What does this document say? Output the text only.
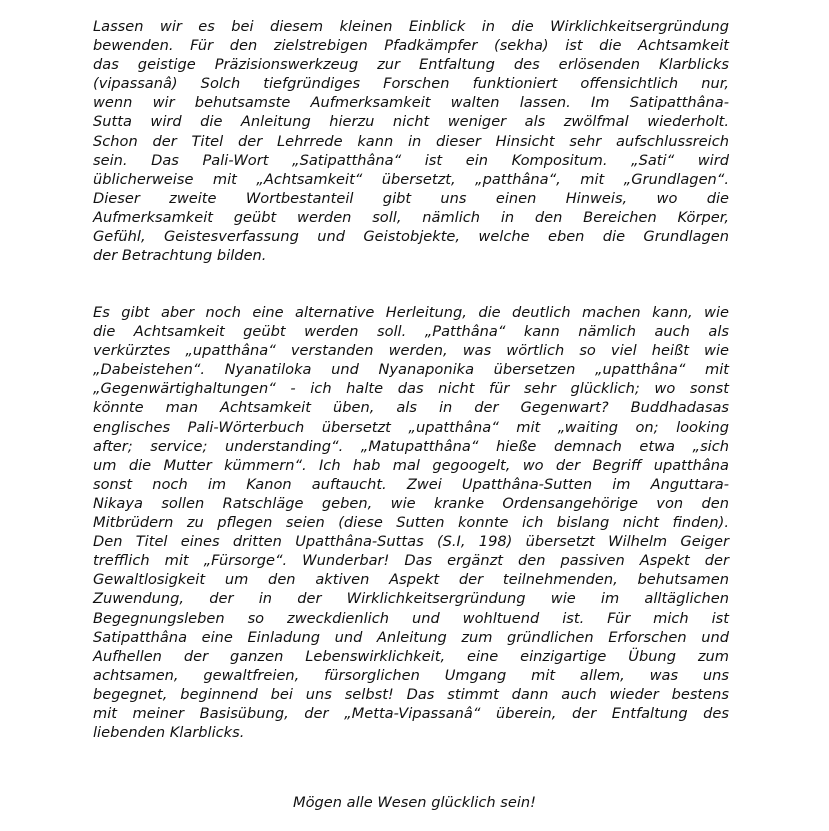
Lassen wir es bei diesem kleinen Einblick in die Wirklichkeitsergründung
bewenden. Für den zielstrebigen Pfadkämpfer (sekha) ist die Achtsamkeit
das geistige Präzisionswerkzeug zur Entfaltung des erlösenden Klarblicks
(vipassanâ) Solch tiefgründiges Forschen funktioniert offensichtlich nur,
wenn wir behutsamste Aufmerksamkeit walten lassen. Im Satipatthâna-
Sutta wird die Anleitung hierzu nicht weniger als zwölfmal wiederholt.
Schon der Titel der Lehrrede kann in dieser Hinsicht sehr aufschlussreich
sein. Das Pali-Wort „Satipatthâna“ ist ein Kompositum. „Sati“ wird
üblicherweise mit „Achtsamkeit“ übersetzt, „patthâna“, mit „Grundlagen“.
Dieser zweite Wortbestanteil gibt uns einen Hinweis, wo die
Aufmerksamkeit geübt werden soll, nämlich in den Bereichen Körper,
Gefühl, Geistesverfassung und Geistobjekte, welche eben die Grundlagen
der Betrachtung bilden.
Es gibt aber noch eine alternative Herleitung, die deutlich machen kann, wie
die Achtsamkeit geübt werden soll. „Patthâna“ kann nämlich auch als
verkürztes „upatthâna“ verstanden werden, was wörtlich so viel heißt wie
„Dabeistehen“. Nyanatiloka und Nyanaponika übersetzen „upatthâna“ mit
„Gegenwärtighaltungen“ - ich halte das nicht für sehr glücklich; wo sonst
könnte man Achtsamkeit üben, als in der Gegenwart? Buddhadasas
englisches Pali-Wörterbuch übersetzt „upatthâna“ mit „waiting on; looking
after; service; understanding“. „Matupatthâna“ hieße demnach etwa „sich
um die Mutter kümmern“. Ich hab mal gegoogelt, wo der Begriff upatthâna
sonst noch im Kanon auftaucht. Zwei Upatthâna-Sutten im Anguttara-
Nikaya sollen Ratschläge geben, wie kranke Ordensangehörige von den
Mitbrüdern zu pflegen seien (diese Sutten konnte ich bislang nicht finden).
Den Titel eines dritten Upatthâna-Suttas (S.I, 198) übersetzt Wilhelm Geiger
trefflich mit „Fürsorge“. Wunderbar! Das ergänzt den passiven Aspekt der
Gewaltlosigkeit um den aktiven Aspekt der teilnehmenden, behutsamen
Zuwendung, der in der Wirklichkeitsergründung wie im alltäglichen
Begegnungsleben so zweckdienlich und wohltuend ist. Für mich ist
Satipatthâna eine Einladung und Anleitung zum gründlichen Erforschen und
Aufhellen der ganzen Lebenswirklichkeit, eine einzigartige Übung zum
achtsamen, gewaltfreien, fürsorglichen Umgang mit allem, was uns
begegnet, beginnend bei uns selbst! Das stimmt dann auch wieder bestens
mit meiner Basisübung, der „Metta-Vipassanâ“ überein, der Entfaltung des
liebenden Klarblicks.
Mögen alle Wesen glücklich sein!
